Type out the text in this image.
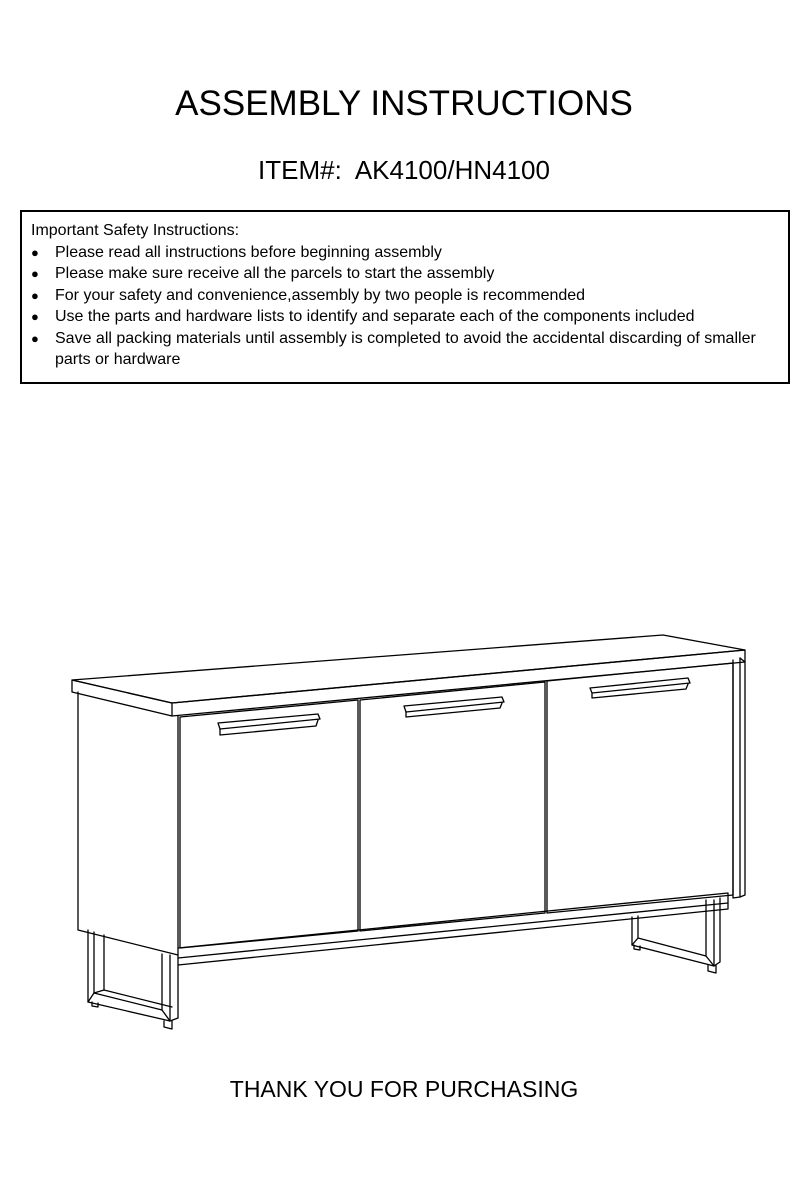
ASSEMBLY INSTRUCTIONS
ITEM#:  AK4100/HN4100
Important Safety Instructions:
● Please read all instructions before beginning assembly
● Please make sure receive all the parcels to start the assembly
● For your safety and convenience,assembly by two people is recommended
● Use the parts and hardware lists to identify and separate each of the components included
● Save all packing materials until assembly is completed to avoid the accidental discarding of smaller parts or hardware
THANK YOU FOR PURCHASING
